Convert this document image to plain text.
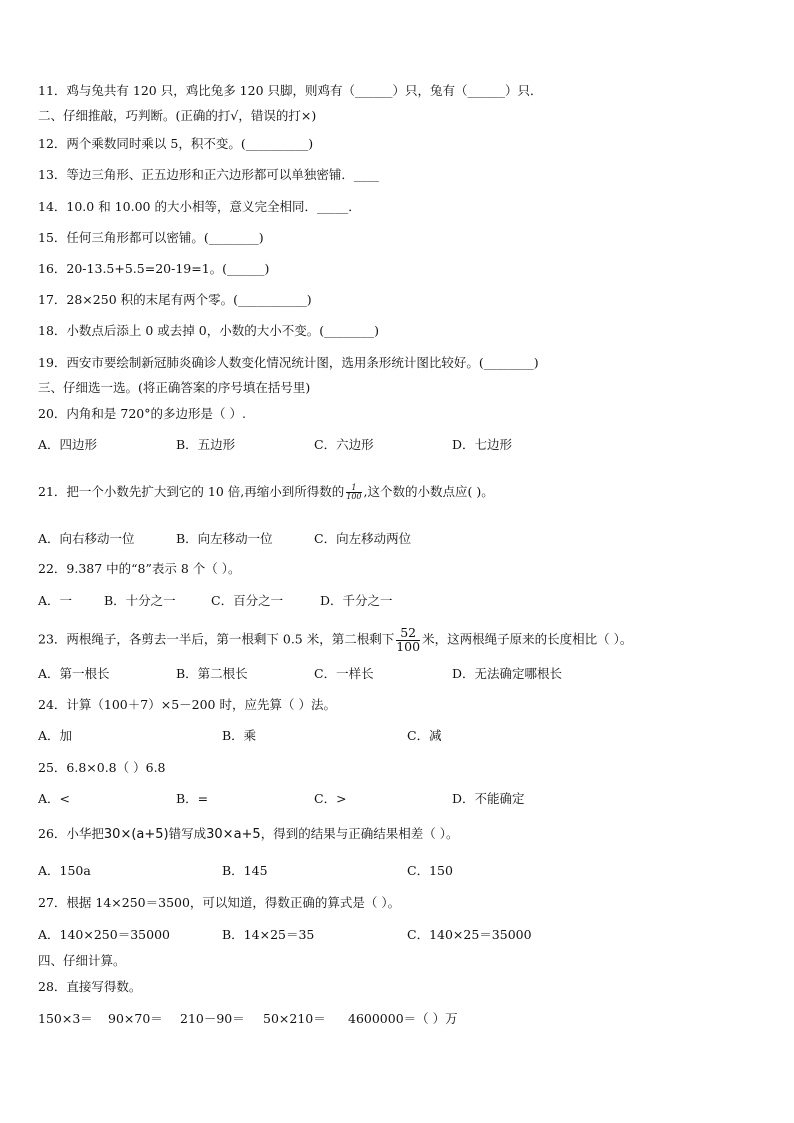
11．鸡与兔共有 120 只，鸡比兔多 120 只脚，则鸡有（______）只，兔有（______）只．
二、仔细推敲，巧判断。(正确的打√，错误的打×)
12．两个乘数同时乘以 5，积不变。(__________)
13．等边三角形、正五边形和正六边形都可以单独密铺．____
14．10.0 和 10.00 的大小相等，意义完全相同．_____．
15．任何三角形都可以密铺。(________)
16．20-13.5+5.5=20-19=1。(______)
17．28×250 积的末尾有两个零。(___________)
18．小数点后添上 0 或去掉 0，小数的大小不变。(________)
19．西安市要绘制新冠肺炎确诊人数变化情况统计图，选用条形统计图比较好。(________)
三、仔细选一选。(将正确答案的序号填在括号里)
20．内角和是 720°的多边形是（ ）.
A．四边形	B．五边形	C．六边形	D．七边形
21．把一个小数先扩大到它的 10 倍,再缩小到所得数的 $\frac{1}{100}$ ,这个数的小数点应( )。
A．向右移动一位	B．向左移动一位	C．向左移动两位
22．9.387 中的“8”表示 8 个（ ）。
A．一	B．十分之一	C．百分之一	D．千分之一
23．两根绳子，各剪去一半后，第一根剩下 0.5 米，第二根剩下 $\frac{52}{100}$ 米，这两根绳子原来的长度相比（ ）。
A．第一根长	B．第二根长	C．一样长	D．无法确定哪根长
24．计算（100＋7）×5－200 时，应先算（ ）法。
A．加	B．乘	C．减
25．6.8×0.8（ ）6.8
A．<	B．=	C．>	D．不能确定
26．小华把30×(a+5)错写成30×a+5，得到的结果与正确结果相差（ ）。
A．150a	B．145	C．150
27．根据 14×250＝3500，可以知道，得数正确的算式是（ ）。
A．140×250＝35000	B．14×25＝35	C．140×25＝35000
四、仔细计算。
28．直接写得数。
150×3＝ 90×70＝ 210－90＝ 50×210＝ 4600000＝（ ）万
